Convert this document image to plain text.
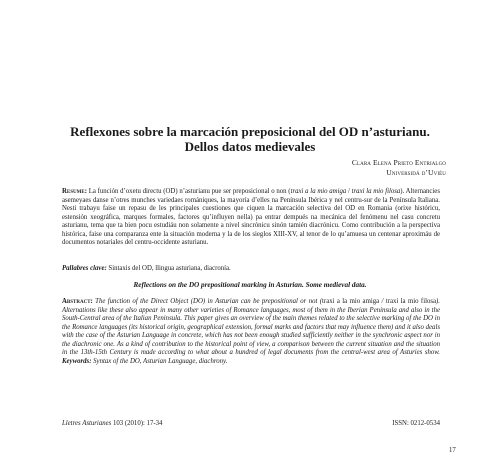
Reflexones sobre la marcación preposicional del OD n’asturianu.
Dellos datos medievales
Clara Elena Prieto Entrialgo
Universidá d’Uviéu
Resume: La función d’oxetu directu (OD) n’asturianu pue ser preposicional o non (traxi a la mio amiga / traxi la mio filosa). Alternancies asemeyaes danse n’otres munches variedaes romániques, la mayoría d’elles na Península Ibérica y nel centru-sur de la Península Italiana. Nesti trabayu faise un repasu de les principales cuestiones que ciquen la marcación selectiva del OD en Romania (orixe históricu, estensión xeográfica, marques formales, factores qu’influyen nella) pa entrar dempués na mecánica del fenómenu nel casu concretu asturianu, tema que ta bien pocu estudiáu non solamente a nivel sincrónicu sinón tamién diacrónicu. Como contribución a la perspectiva histórica, faise una comparanza ente la situación moderna y la de los sieglos XIII-XV, al tenor de lo qu’amuesa un centenar aproximáu de documentos notariales del centru-occidente asturianu.
Pallabres clave: Sintaxis del OD, llingua asturiana, diacronía.
Reflections on the DO prepositional marking in Asturian. Some medieval data.
Abstract: The function of the Direct Object (DO) in Asturian can be prepositional or not (traxi a la mio amiga / traxi la mio filosa). Alternations like these also appear in many other varieties of Romance languages, most of them in the Iberian Peninsula and also in the South-Central area of the Italian Peninsula. This paper gives an overview of the main themes related to the selective marking of the DO in the Romance languages (its historical origin, geographical extension, formal marks and factors that may influence them) and it also deals with the case of the Asturian Language in concrete, which has not been enough studied sufficiently neither in the synchronic aspect nor in the diachronic one. As a kind of contribution to the historical point of view, a comparison between the current situation and the situation in the 13th-15th Century is made according to what about a hundred of legal documents from the central-west area of Asturies show. Keywords: Syntax of the DO, Asturian Language, diachrony.
Lletres Asturianes 103 (2010): 17-34	ISSN: 0212-0534
17
